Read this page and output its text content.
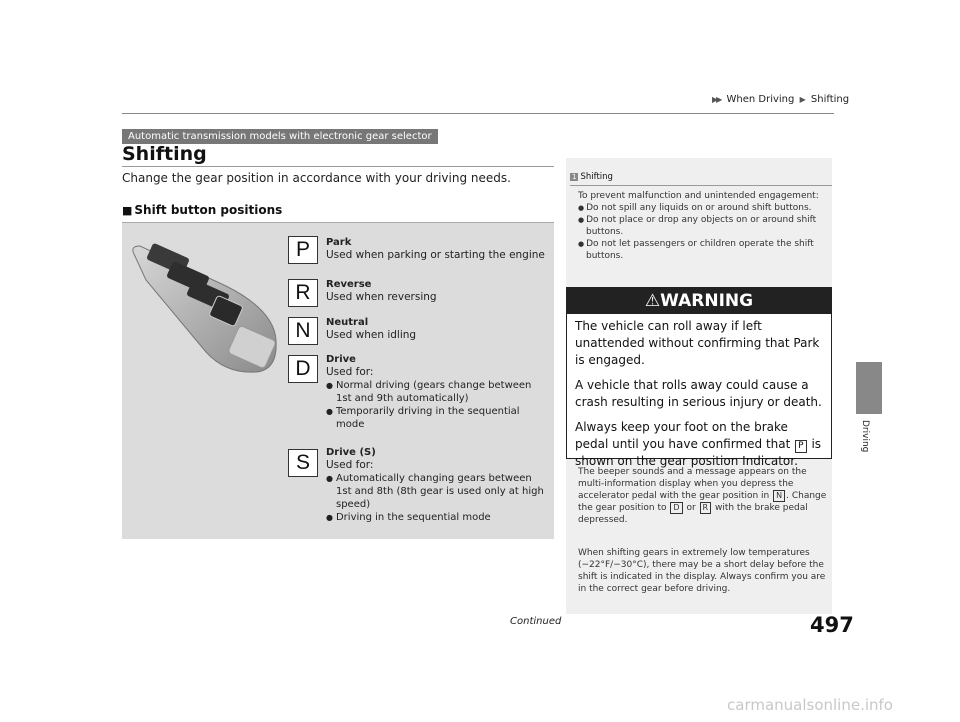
▶▶ When Driving ▶ Shifting
Automatic transmission models with electronic gear selector
Shifting
Change the gear position in accordance with your driving needs.
■ Shift button positions
P	Park
Used when parking or starting the engine
R	Reverse
Used when reversing
N	Neutral
Used when idling
D	Drive
Used for:
● Normal driving (gears change between 1st and 9th automatically)
● Temporarily driving in the sequential mode
S	Drive (S)
Used for:
● Automatically changing gears between 1st and 8th (8th gear is used only at high speed)
● Driving in the sequential mode
1 Shifting
To prevent malfunction and unintended engagement:
● Do not spill any liquids on or around shift buttons.
● Do not place or drop any objects on or around shift buttons.
● Do not let passengers or children operate the shift buttons.
⚠WARNING

The vehicle can roll away if left unattended without confirming that Park is engaged.

A vehicle that rolls away could cause a crash resulting in serious injury or death.

Always keep your foot on the brake pedal until you have confirmed that P is shown on the gear position Indicator.

The beeper sounds and a message appears on the multi-information display when you depress the accelerator pedal with the gear position in N . Change the gear position to D or R with the brake pedal depressed.
When shifting gears in extremely low temperatures (−22°F/−30°C), there may be a short delay before the shift is indicated in the display. Always confirm you are in the correct gear before driving.
Driving
Continued	497
carmanualsonline.info
